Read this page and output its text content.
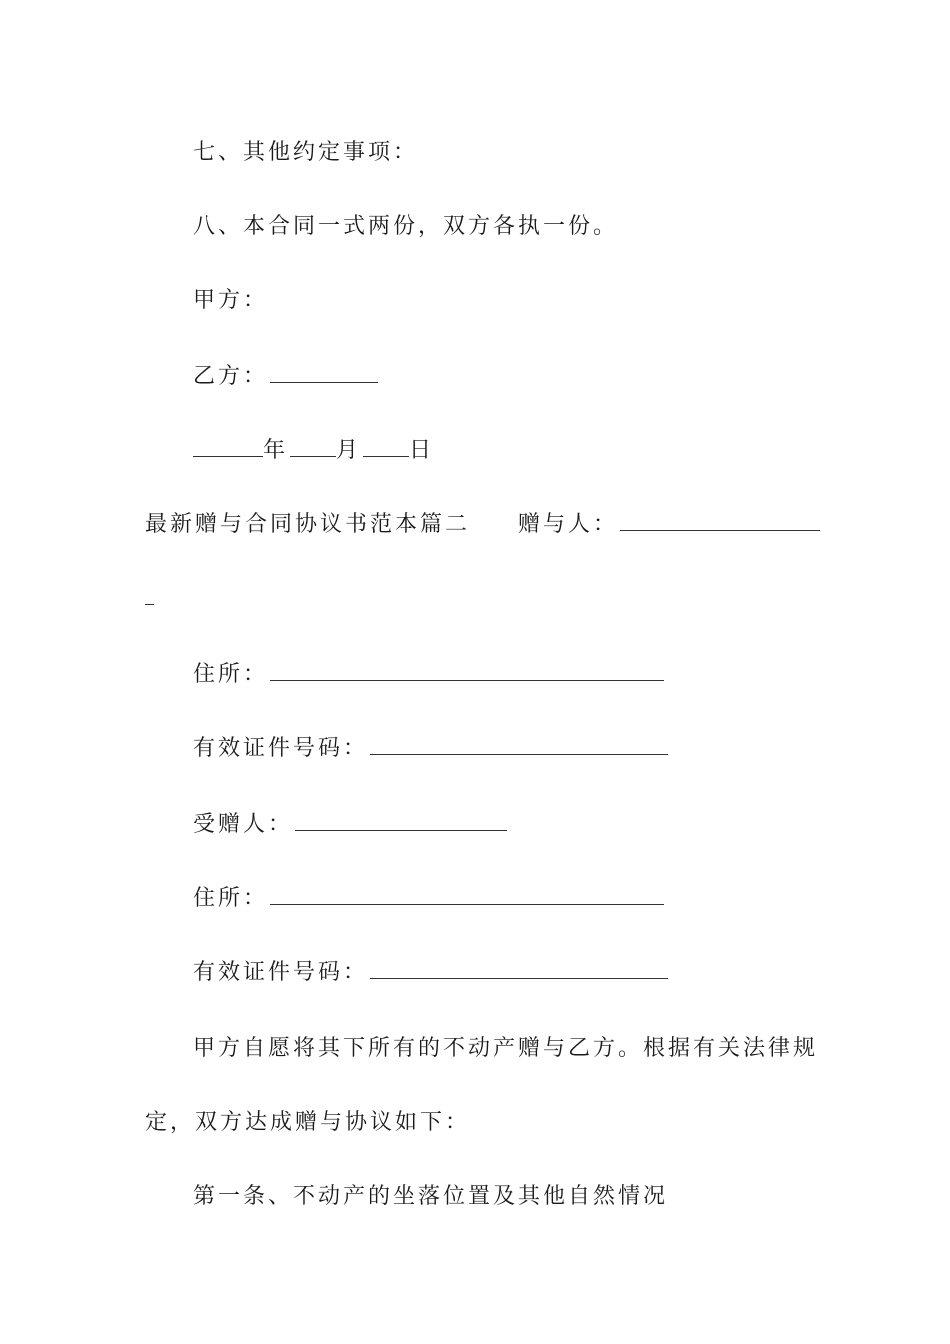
七、其他约定事项：
八、本合同一式两份，双方各执一份。
甲方：
乙方：
年 月 日
最新赠与合同协议书范本篇二 赠与人：
住所：
有效证件号码：
受赠人：
住所：
有效证件号码：
甲方自愿将其下所有的不动产赠与乙方。根据有关法律规
定，双方达成赠与协议如下：
第一条、不动产的坐落位置及其他自然情况
